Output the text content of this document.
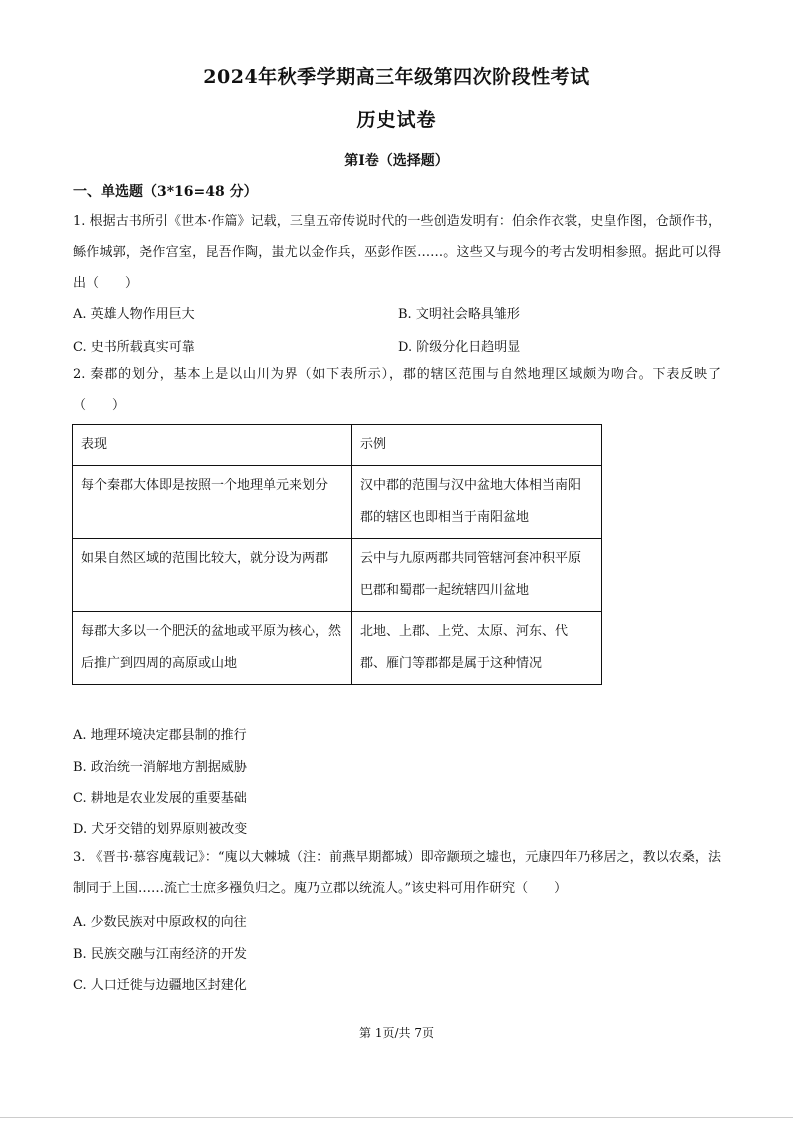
2024年秋季学期高三年级第四次阶段性考试
历史试卷
第Ⅰ卷（选择题）
一、单选题（3*16=48 分）
1. 根据古书所引《世本·作篇》记载，三皇五帝传说时代的一些创造发明有：伯余作衣裳，史皇作图，仓颉作书，鲧作城郭，尧作宫室，昆吾作陶，蚩尤以金作兵，巫彭作医……。这些又与现今的考古发明相参照。据此可以得出（　　）
A. 英雄人物作用巨大	B. 文明社会略具雏形
C. 史书所载真实可靠	D. 阶级分化日趋明显
2. 秦郡的划分，基本上是以山川为界（如下表所示），郡的辖区范围与自然地理区域颇为吻合。下表反映了（　　）
表现	示例
每个秦郡大体即是按照一个地理单元来划分	汉中郡的范围与汉中盆地大体相当南阳郡的辖区也即相当于南阳盆地
如果自然区域的范围比较大，就分设为两郡	云中与九原两郡共同管辖河套冲积平原巴郡和蜀郡一起统辖四川盆地
每郡大多以一个肥沃的盆地或平原为核心，然后推广到四周的高原或山地	北地、上郡、上党、太原、河东、代郡、雁门等郡都是属于这种情况
A. 地理环境决定郡县制的推行
B. 政治统一消解地方割据威胁
C. 耕地是农业发展的重要基础
D. 犬牙交错的划界原则被改变
3. 《晋书·慕容廆载记》：“廆以大棘城（注：前燕早期都城）即帝颛顼之墟也，元康四年乃移居之，教以农桑，法制同于上国……流亡士庶多襁负归之。廆乃立郡以统流人。”该史料可用作研究（　　）
A. 少数民族对中原政权的向往
B. 民族交融与江南经济的开发
C. 人口迁徙与边疆地区封建化
第 1页/共 7页
